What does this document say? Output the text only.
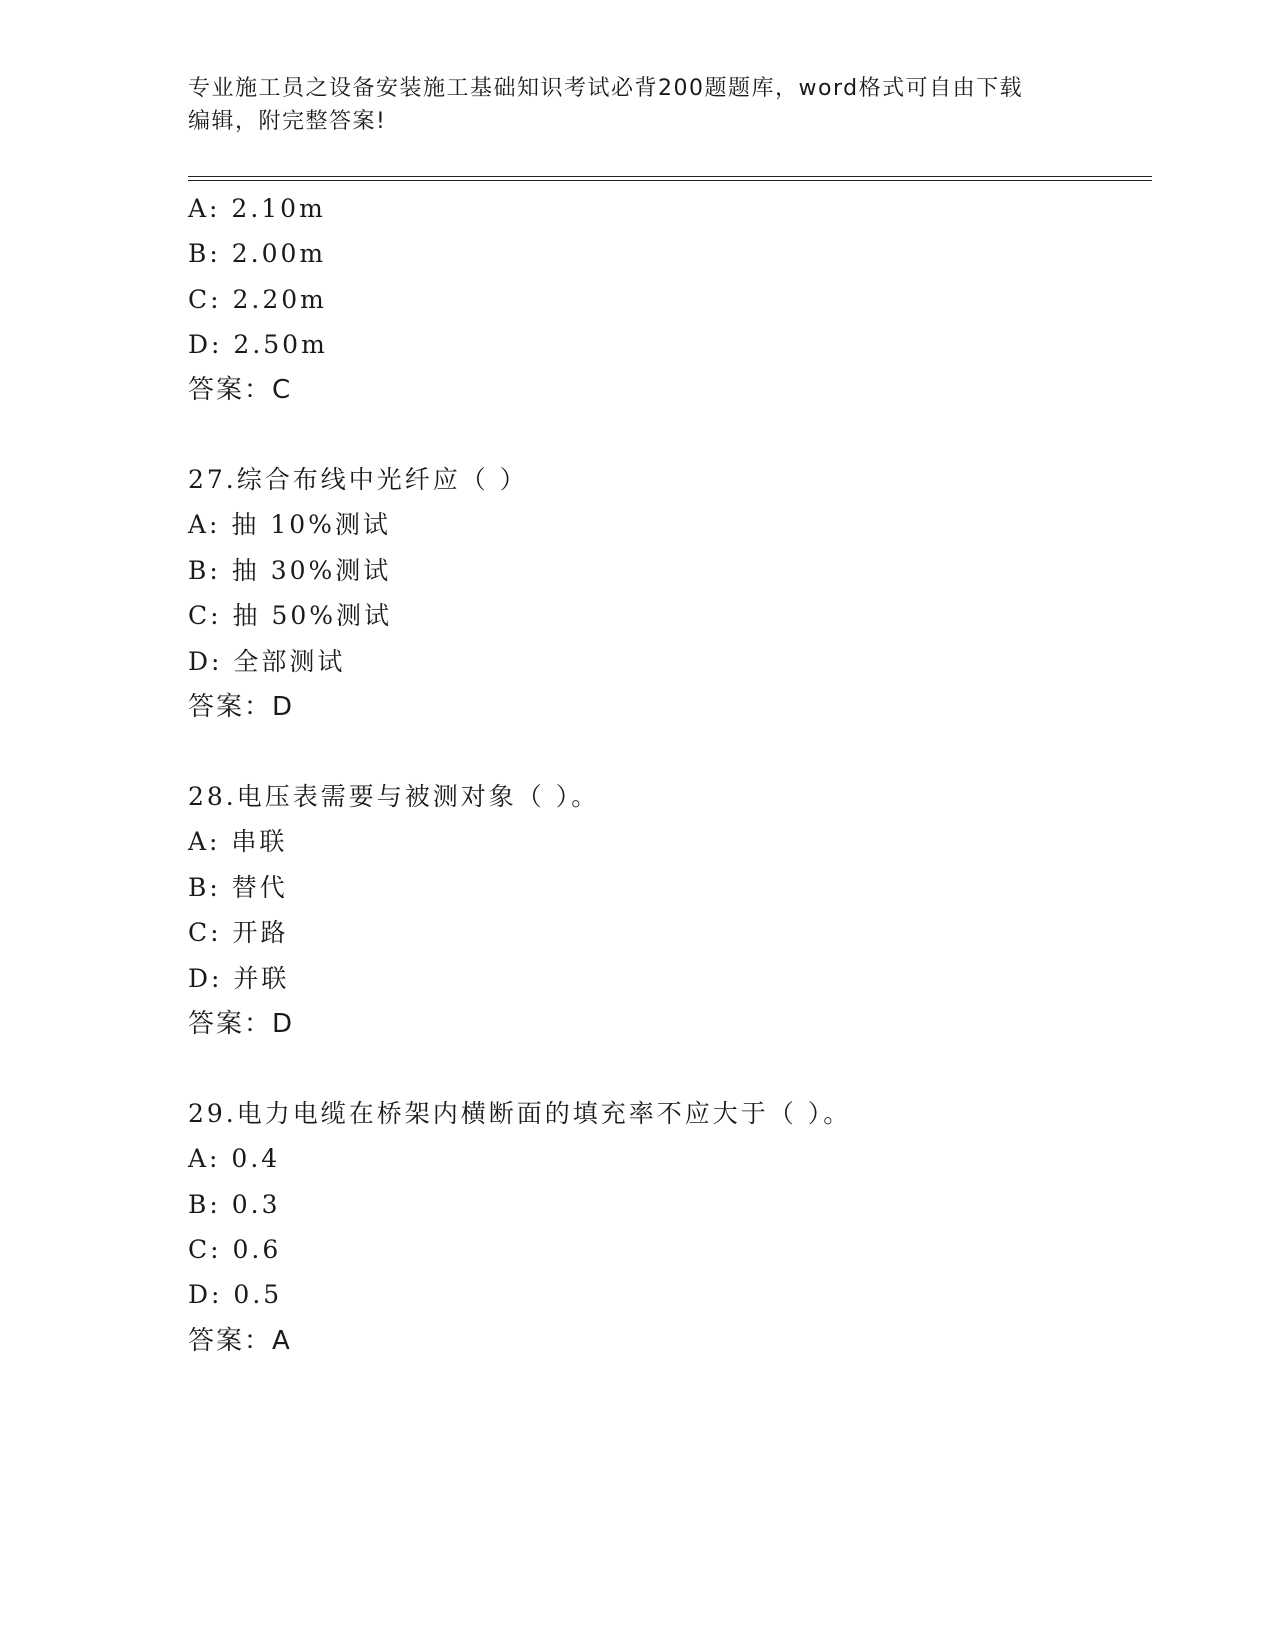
专业施工员之设备安装施工基础知识考试必背200题题库，word格式可自由下载
编辑，附完整答案!
A: 2.10m
B: 2.00m
C: 2.20m
D: 2.50m
答案：C
27.综合布线中光纤应（ ）
A: 抽 10%测试
B: 抽 30%测试
C: 抽 50%测试
D: 全部测试
答案：D
28.电压表需要与被测对象（ ）。
A: 串联
B: 替代
C: 开路
D: 并联
答案：D
29.电力电缆在桥架内横断面的填充率不应大于（ ）。
A: 0.4
B: 0.3
C: 0.6
D: 0.5
答案：A
